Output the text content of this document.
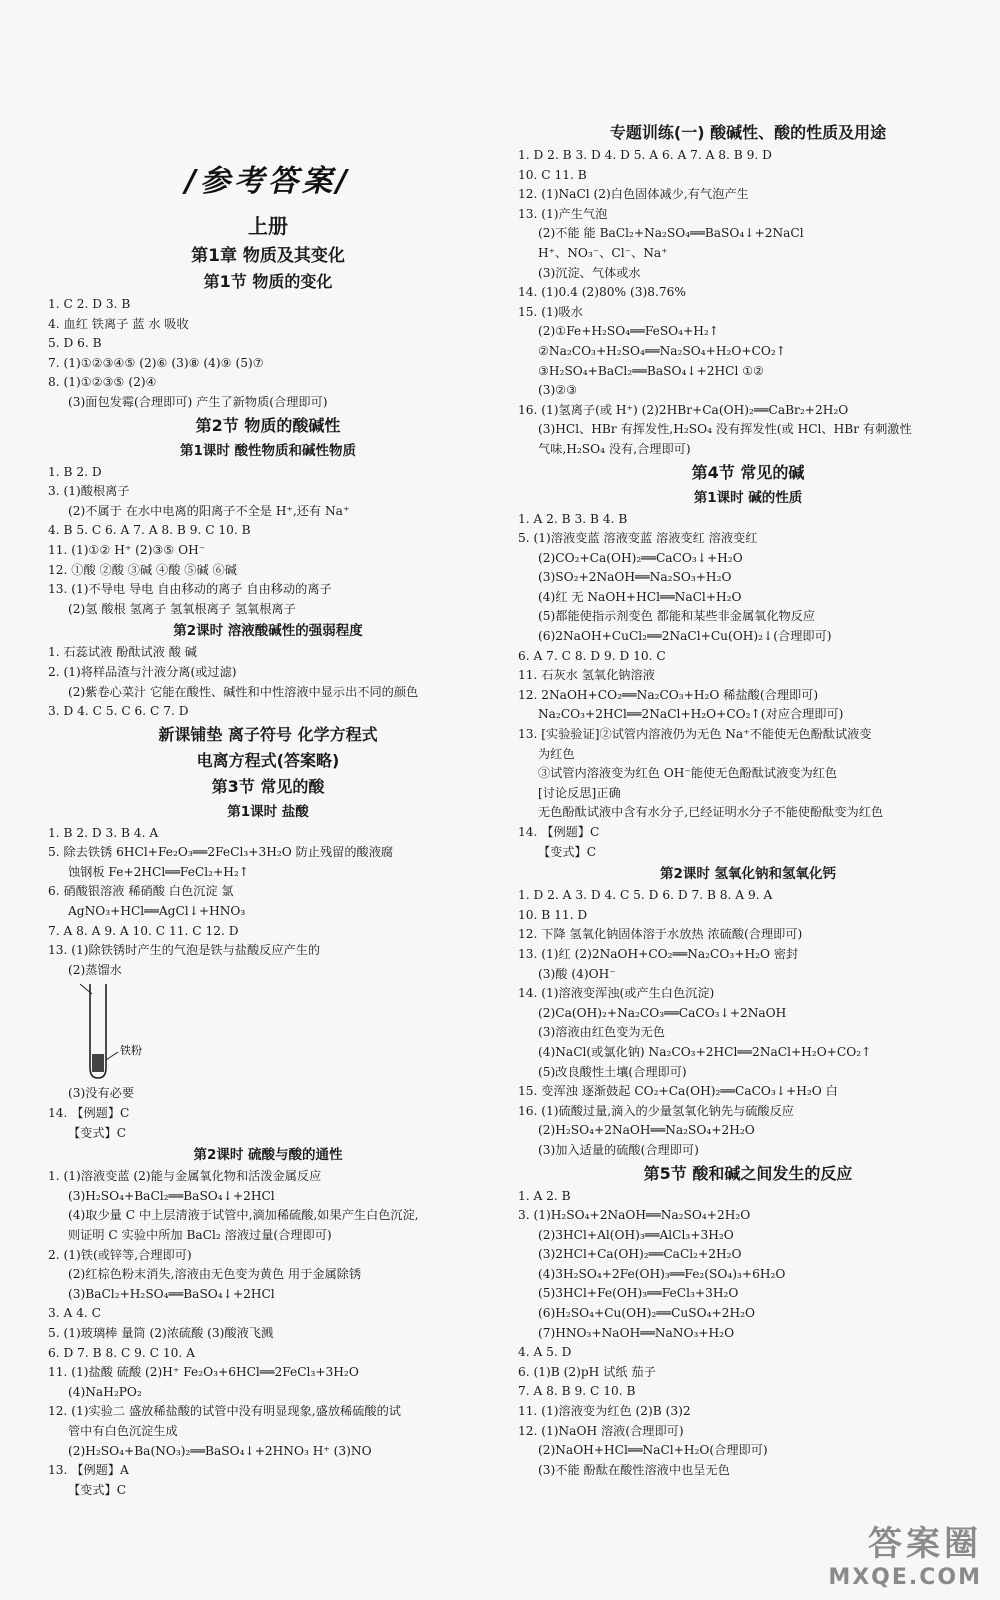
/参考答案/
上册
第1章 物质及其变化
第1节 物质的变化
1. C 2. D 3. B
4. 血红 铁离子 蓝 水 吸收
5. D 6. B
7. (1)①②③④⑤ (2)⑥ (3)⑧ (4)⑨ (5)⑦
8. (1)①②③⑤ (2)④
(3)面包发霉(合理即可) 产生了新物质(合理即可)
第2节 物质的酸碱性
第1课时 酸性物质和碱性物质
1. B 2. D
3. (1)酸根离子
(2)不属于 在水中电离的阳离子不全是 H⁺,还有 Na⁺
4. B 5. C 6. A 7. A 8. B 9. C 10. B
11. (1)①② H⁺ (2)③⑤ OH⁻
12. ①酸 ②酸 ③碱 ④酸 ⑤碱 ⑥碱
13. (1)不导电 导电 自由移动的离子 自由移动的离子
(2)氢 酸根 氢离子 氢氧根离子 氢氧根离子
第2课时 溶液酸碱性的强弱程度
1. 石蕊试液 酚酞试液 酸 碱
2. (1)将样品渣与汁液分离(或过滤)
(2)紫卷心菜汁 它能在酸性、碱性和中性溶液中显示出不同的颜色
3. D 4. C 5. C 6. C 7. D
新课铺垫 离子符号 化学方程式
电离方程式(答案略)
第3节 常见的酸
第1课时 盐酸
1. B 2. D 3. B 4. A
5. 除去铁锈 6HCl+Fe₂O₃══2FeCl₃+3H₂O 防止残留的酸液腐
蚀钢板 Fe+2HCl══FeCl₂+H₂↑
6. 硝酸银溶液 稀硝酸 白色沉淀 氯
AgNO₃+HCl══AgCl↓+HNO₃
7. A 8. A 9. A 10. C 11. C 12. D
13. (1)除铁锈时产生的气泡是铁与盐酸反应产生的
(2)蒸馏水
铁粉
(3)没有必要
14. 【例题】C
【变式】C
第2课时 硫酸与酸的通性
1. (1)溶液变蓝 (2)能与金属氧化物和活泼金属反应
(3)H₂SO₄+BaCl₂══BaSO₄↓+2HCl
(4)取少量 C 中上层清液于试管中,滴加稀硫酸,如果产生白色沉淀,
则证明 C 实验中所加 BaCl₂ 溶液过量(合理即可)
2. (1)铁(或锌等,合理即可)
(2)红棕色粉末消失,溶液由无色变为黄色 用于金属除锈
(3)BaCl₂+H₂SO₄══BaSO₄↓+2HCl
3. A 4. C
5. (1)玻璃棒 量筒 (2)浓硫酸 (3)酸液飞溅
6. D 7. B 8. C 9. C 10. A
11. (1)盐酸 硫酸 (2)H⁺ Fe₂O₃+6HCl══2FeCl₃+3H₂O
(4)NaH₂PO₂
12. (1)实验二 盛放稀盐酸的试管中没有明显现象,盛放稀硫酸的试
管中有白色沉淀生成
(2)H₂SO₄+Ba(NO₃)₂══BaSO₄↓+2HNO₃ H⁺ (3)NO
13. 【例题】A
【变式】C
专题训练(一) 酸碱性、酸的性质及用途
1. D 2. B 3. D 4. D 5. A 6. A 7. A 8. B 9. D
10. C 11. B
12. (1)NaCl (2)白色固体减少,有气泡产生
13. (1)产生气泡
(2)不能 能 BaCl₂+Na₂SO₄══BaSO₄↓+2NaCl
H⁺、NO₃⁻、Cl⁻、Na⁺
(3)沉淀、气体或水
14. (1)0.4 (2)80% (3)8.76%
15. (1)吸水
(2)①Fe+H₂SO₄══FeSO₄+H₂↑
②Na₂CO₃+H₂SO₄══Na₂SO₄+H₂O+CO₂↑
③H₂SO₄+BaCl₂══BaSO₄↓+2HCl ①②
(3)②③
16. (1)氢离子(或 H⁺) (2)2HBr+Ca(OH)₂══CaBr₂+2H₂O
(3)HCl、HBr 有挥发性,H₂SO₄ 没有挥发性(或 HCl、HBr 有刺激性
气味,H₂SO₄ 没有,合理即可)
第4节 常见的碱
第1课时 碱的性质
1. A 2. B 3. B 4. B
5. (1)溶液变蓝 溶液变蓝 溶液变红 溶液变红
(2)CO₂+Ca(OH)₂══CaCO₃↓+H₂O
(3)SO₂+2NaOH══Na₂SO₃+H₂O
(4)红 无 NaOH+HCl══NaCl+H₂O
(5)都能使指示剂变色 都能和某些非金属氧化物反应
(6)2NaOH+CuCl₂══2NaCl+Cu(OH)₂↓(合理即可)
6. A 7. C 8. D 9. D 10. C
11. 石灰水 氢氧化钠溶液
12. 2NaOH+CO₂══Na₂CO₃+H₂O 稀盐酸(合理即可)
Na₂CO₃+2HCl══2NaCl+H₂O+CO₂↑(对应合理即可)
13. [实验验证]②试管内溶液仍为无色 Na⁺不能使无色酚酞试液变
为红色
③试管内溶液变为红色 OH⁻能使无色酚酞试液变为红色
[讨论反思]正确
无色酚酞试液中含有水分子,已经证明水分子不能使酚酞变为红色
14. 【例题】C
【变式】C
第2课时 氢氧化钠和氢氧化钙
1. D 2. A 3. D 4. C 5. D 6. D 7. B 8. A 9. A
10. B 11. D
12. 下降 氢氧化钠固体溶于水放热 浓硫酸(合理即可)
13. (1)红 (2)2NaOH+CO₂══Na₂CO₃+H₂O 密封
(3)酸 (4)OH⁻
14. (1)溶液变浑浊(或产生白色沉淀)
(2)Ca(OH)₂+Na₂CO₃══CaCO₃↓+2NaOH
(3)溶液由红色变为无色
(4)NaCl(或氯化钠) Na₂CO₃+2HCl══2NaCl+H₂O+CO₂↑
(5)改良酸性土壤(合理即可)
15. 变浑浊 逐渐鼓起 CO₂+Ca(OH)₂══CaCO₃↓+H₂O 白
16. (1)硫酸过量,滴入的少量氢氧化钠先与硫酸反应
(2)H₂SO₄+2NaOH══Na₂SO₄+2H₂O
(3)加入适量的硫酸(合理即可)
第5节 酸和碱之间发生的反应
1. A 2. B
3. (1)H₂SO₄+2NaOH══Na₂SO₄+2H₂O
(2)3HCl+Al(OH)₃══AlCl₃+3H₂O
(3)2HCl+Ca(OH)₂══CaCl₂+2H₂O
(4)3H₂SO₄+2Fe(OH)₃══Fe₂(SO₄)₃+6H₂O
(5)3HCl+Fe(OH)₃══FeCl₃+3H₂O
(6)H₂SO₄+Cu(OH)₂══CuSO₄+2H₂O
(7)HNO₃+NaOH══NaNO₃+H₂O
4. A 5. D
6. (1)B (2)pH 试纸 茄子
7. A 8. B 9. C 10. B
11. (1)溶液变为红色 (2)B (3)2
12. (1)NaOH 溶液(合理即可)
(2)NaOH+HCl══NaCl+H₂O(合理即可)
(3)不能 酚酞在酸性溶液中也呈无色
答案圈
MXQE.COM
